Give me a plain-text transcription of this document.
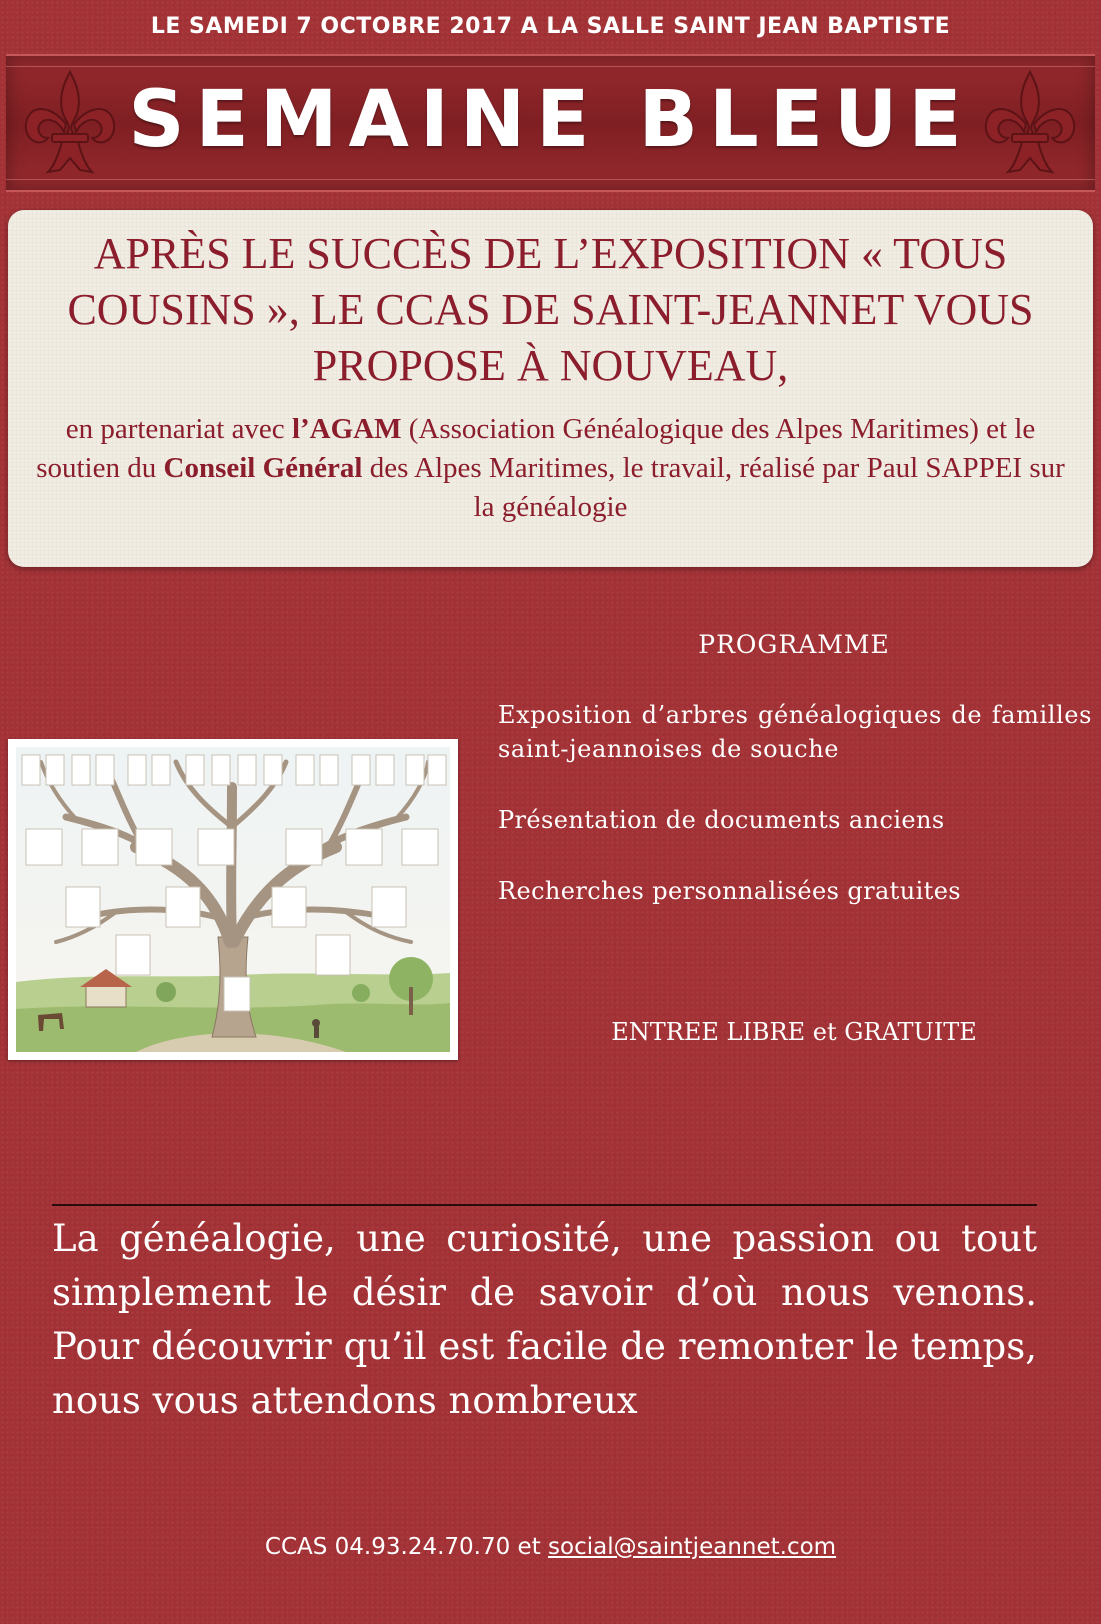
LE SAMEDI 7 OCTOBRE 2017 A LA SALLE SAINT JEAN BAPTISTE
SEMAINE BLEUE
APRÈS LE SUCCÈS DE L’EXPOSITION « TOUS
COUSINS », LE CCAS DE SAINT-JEANNET VOUS
PROPOSE À NOUVEAU,
en partenariat avec l’AGAM (Association Généalogique des Alpes Maritimes) et le soutien du Conseil Général des Alpes Maritimes, le travail, réalisé par Paul SAPPEI sur la généalogie
PROGRAMME
Exposition d’arbres généalogiques de familles saint-jeannoises de souche
Présentation de documents anciens
Recherches personnalisées gratuites
ENTREE LIBRE et GRATUITE
La généalogie, une curiosité, une passion ou tout simplement le désir de savoir d’où nous venons. Pour découvrir qu’il est facile de remonter le temps, nous vous attendons nombreux
CCAS 04.93.24.70.70 et social@saintjeannet.com
